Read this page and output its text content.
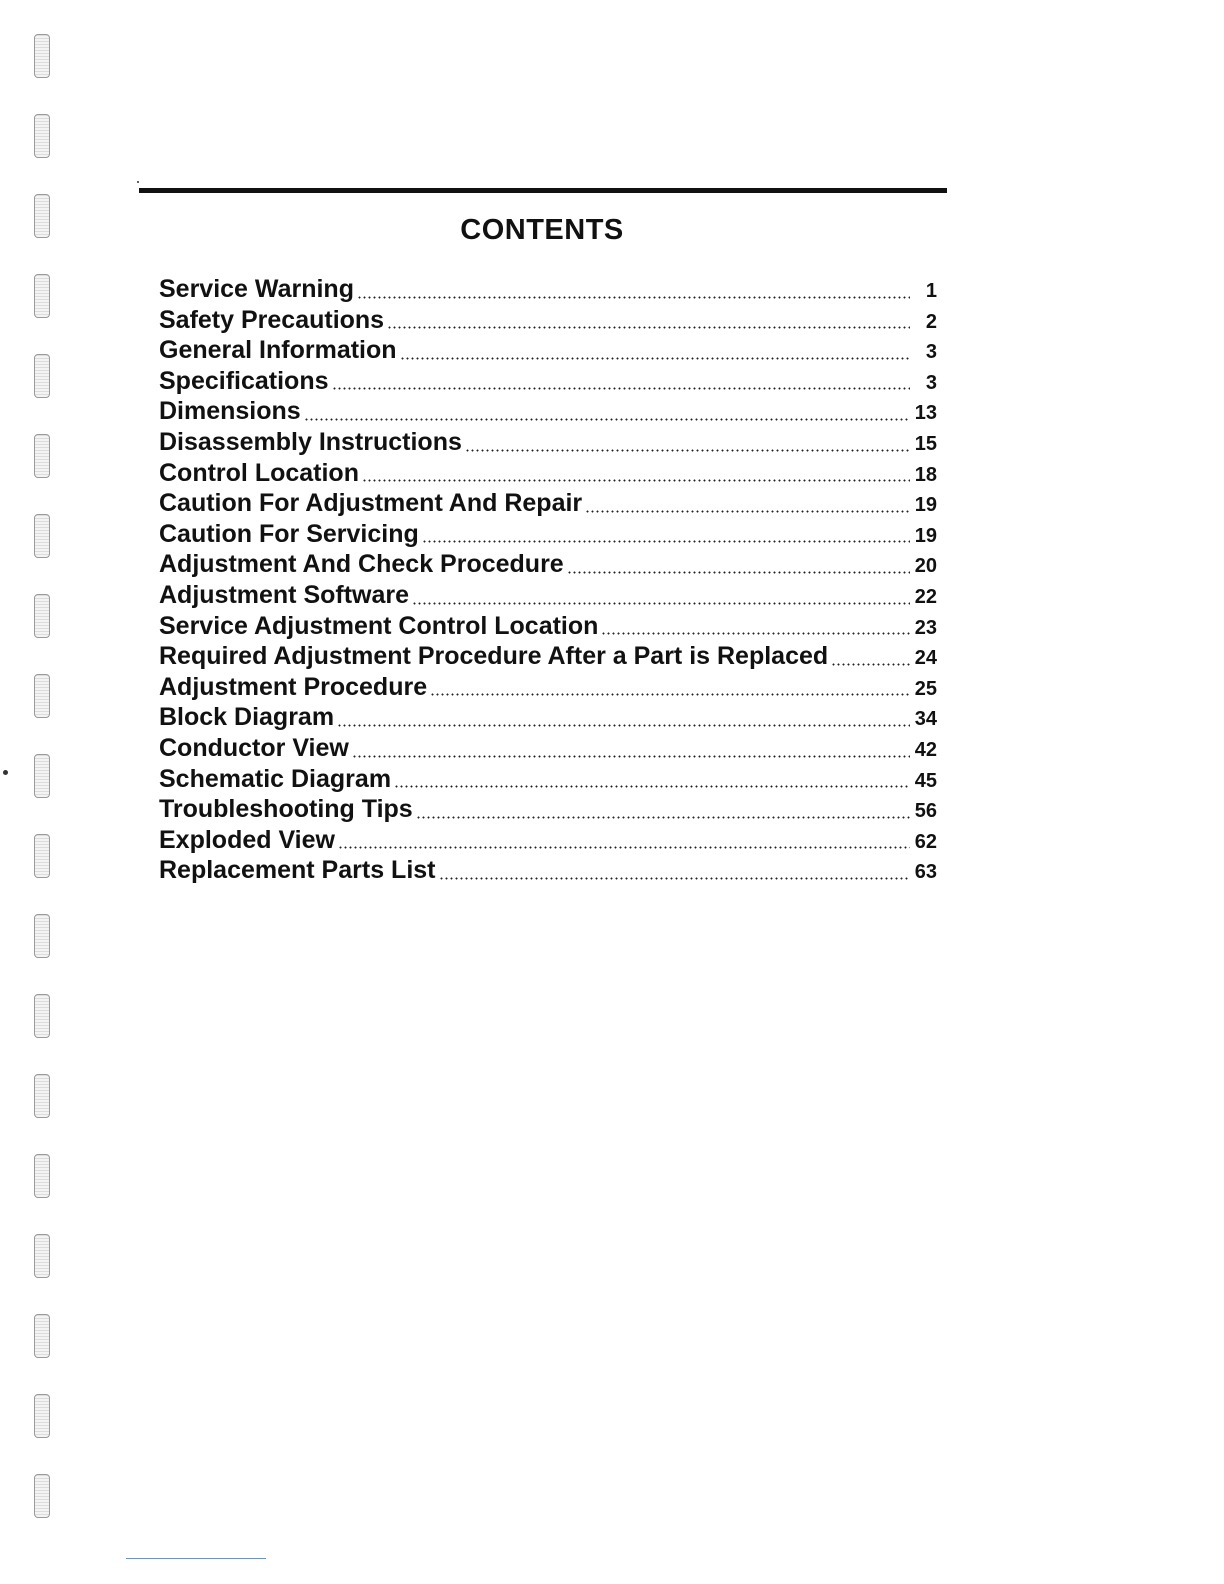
CONTENTS
Service Warning	1
Safety Precautions	2
General Information	3
Specifications	3
Dimensions	13
Disassembly Instructions	15
Control Location	18
Caution For Adjustment And Repair	19
Caution For Servicing	19
Adjustment And Check Procedure	20
Adjustment Software	22
Service Adjustment Control Location	23
Required Adjustment Procedure After a Part is Replaced	24
Adjustment Procedure	25
Block Diagram	34
Conductor View	42
Schematic Diagram	45
Troubleshooting Tips	56
Exploded View	62
Replacement Parts List	63
